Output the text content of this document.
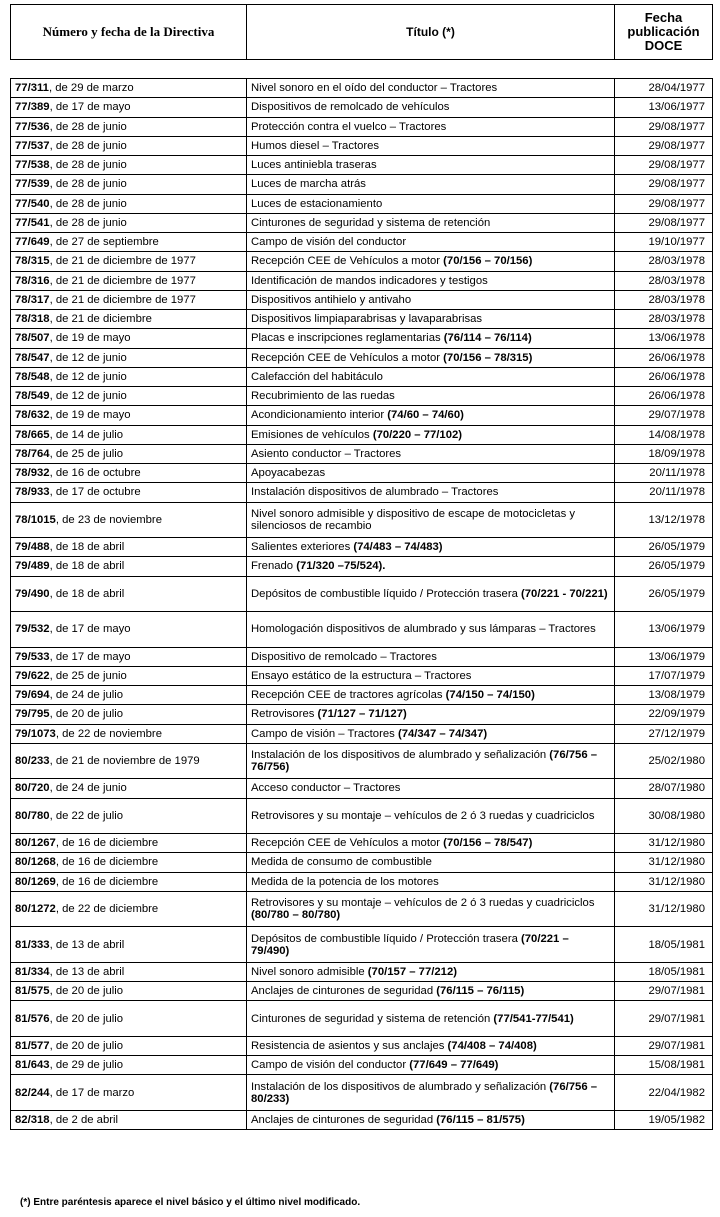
Número y fecha de la Directiva	Título (*)	Fecha publicación DOCE
77/311, de 29 de marzo	Nivel sonoro en el oído del conductor – Tractores	28/04/1977
77/389, de 17 de mayo	Dispositivos de remolcado de vehículos	13/06/1977
77/536, de 28 de junio	Protección contra el vuelco – Tractores	29/08/1977
77/537, de 28 de junio	Humos diesel – Tractores	29/08/1977
77/538, de 28 de junio	Luces antiniebla traseras	29/08/1977
77/539, de 28 de junio	Luces de marcha atrás	29/08/1977
77/540, de 28 de junio	Luces de estacionamiento	29/08/1977
77/541, de 28 de junio	Cinturones de seguridad y sistema de retención	29/08/1977
77/649, de 27 de septiembre	Campo de visión del conductor	19/10/1977
78/315, de 21 de diciembre de 1977	Recepción CEE de Vehículos a motor (70/156 – 70/156)	28/03/1978
78/316, de 21 de diciembre de 1977	Identificación de mandos indicadores y testigos	28/03/1978
78/317, de 21 de diciembre de 1977	Dispositivos antihielo y antivaho	28/03/1978
78/318, de 21 de diciembre	Dispositivos limpiaparabrisas y lavaparabrisas	28/03/1978
78/507, de 19 de mayo	Placas e inscripciones reglamentarias (76/114 – 76/114)	13/06/1978
78/547, de 12 de junio	Recepción CEE de Vehículos a motor (70/156 – 78/315)	26/06/1978
78/548, de 12 de junio	Calefacción del habitáculo	26/06/1978
78/549, de 12 de junio	Recubrimiento de las ruedas	26/06/1978
78/632, de 19 de mayo	Acondicionamiento interior (74/60 – 74/60)	29/07/1978
78/665, de 14 de julio	Emisiones de vehículos (70/220 – 77/102)	14/08/1978
78/764, de 25 de julio	Asiento conductor – Tractores	18/09/1978
78/932, de 16 de octubre	Apoyacabezas	20/11/1978
78/933, de 17 de octubre	Instalación dispositivos de alumbrado – Tractores	20/11/1978
78/1015, de 23 de noviembre	Nivel sonoro admisible y dispositivo de escape de motocicletas y silenciosos de recambio	13/12/1978
79/488, de 18 de abril	Salientes exteriores (74/483 – 74/483)	26/05/1979
79/489, de 18 de abril	Frenado (71/320 –75/524).	26/05/1979
79/490, de 18 de abril	Depósitos de combustible líquido / Protección trasera (70/221 - 70/221)	26/05/1979
79/532, de 17 de mayo	Homologación dispositivos de alumbrado y sus lámparas – Tractores	13/06/1979
79/533, de 17 de mayo	Dispositivo de remolcado – Tractores	13/06/1979
79/622, de 25 de junio	Ensayo estático de la estructura – Tractores	17/07/1979
79/694, de 24 de julio	Recepción CEE de tractores agrícolas (74/150 – 74/150)	13/08/1979
79/795, de 20 de julio	Retrovisores (71/127 – 71/127)	22/09/1979
79/1073, de 22 de noviembre	Campo de visión – Tractores (74/347 – 74/347)	27/12/1979
80/233, de 21 de noviembre de 1979	Instalación de los dispositivos de alumbrado y señalización (76/756 – 76/756)	25/02/1980
80/720, de 24 de junio	Acceso conductor – Tractores	28/07/1980
80/780, de 22 de julio	Retrovisores y su montaje – vehículos de 2 ó 3 ruedas y cuadriciclos	30/08/1980
80/1267, de 16 de diciembre	Recepción CEE de Vehículos a motor (70/156 – 78/547)	31/12/1980
80/1268, de 16 de diciembre	Medida de consumo de combustible	31/12/1980
80/1269, de 16 de diciembre	Medida de la potencia de los motores	31/12/1980
80/1272, de 22 de diciembre	Retrovisores y su montaje – vehículos de 2 ó 3 ruedas y cuadriciclos (80/780 – 80/780)	31/12/1980
81/333, de 13 de abril	Depósitos de combustible líquido / Protección trasera (70/221 – 79/490)	18/05/1981
81/334, de 13 de abril	Nivel sonoro admisible (70/157 – 77/212)	18/05/1981
81/575, de 20 de julio	Anclajes de cinturones de seguridad (76/115 – 76/115)	29/07/1981
81/576, de 20 de julio	Cinturones de seguridad y sistema de retención (77/541-77/541)	29/07/1981
81/577, de 20 de julio	Resistencia de asientos y sus anclajes (74/408 – 74/408)	29/07/1981
81/643, de 29 de julio	Campo de visión del conductor (77/649 – 77/649)	15/08/1981
82/244, de 17 de marzo	Instalación de los dispositivos de alumbrado y señalización (76/756 – 80/233)	22/04/1982
82/318, de 2 de abril	Anclajes de cinturones de seguridad (76/115 – 81/575)	19/05/1982
(*) Entre paréntesis aparece el nivel básico y el último nivel modificado.
